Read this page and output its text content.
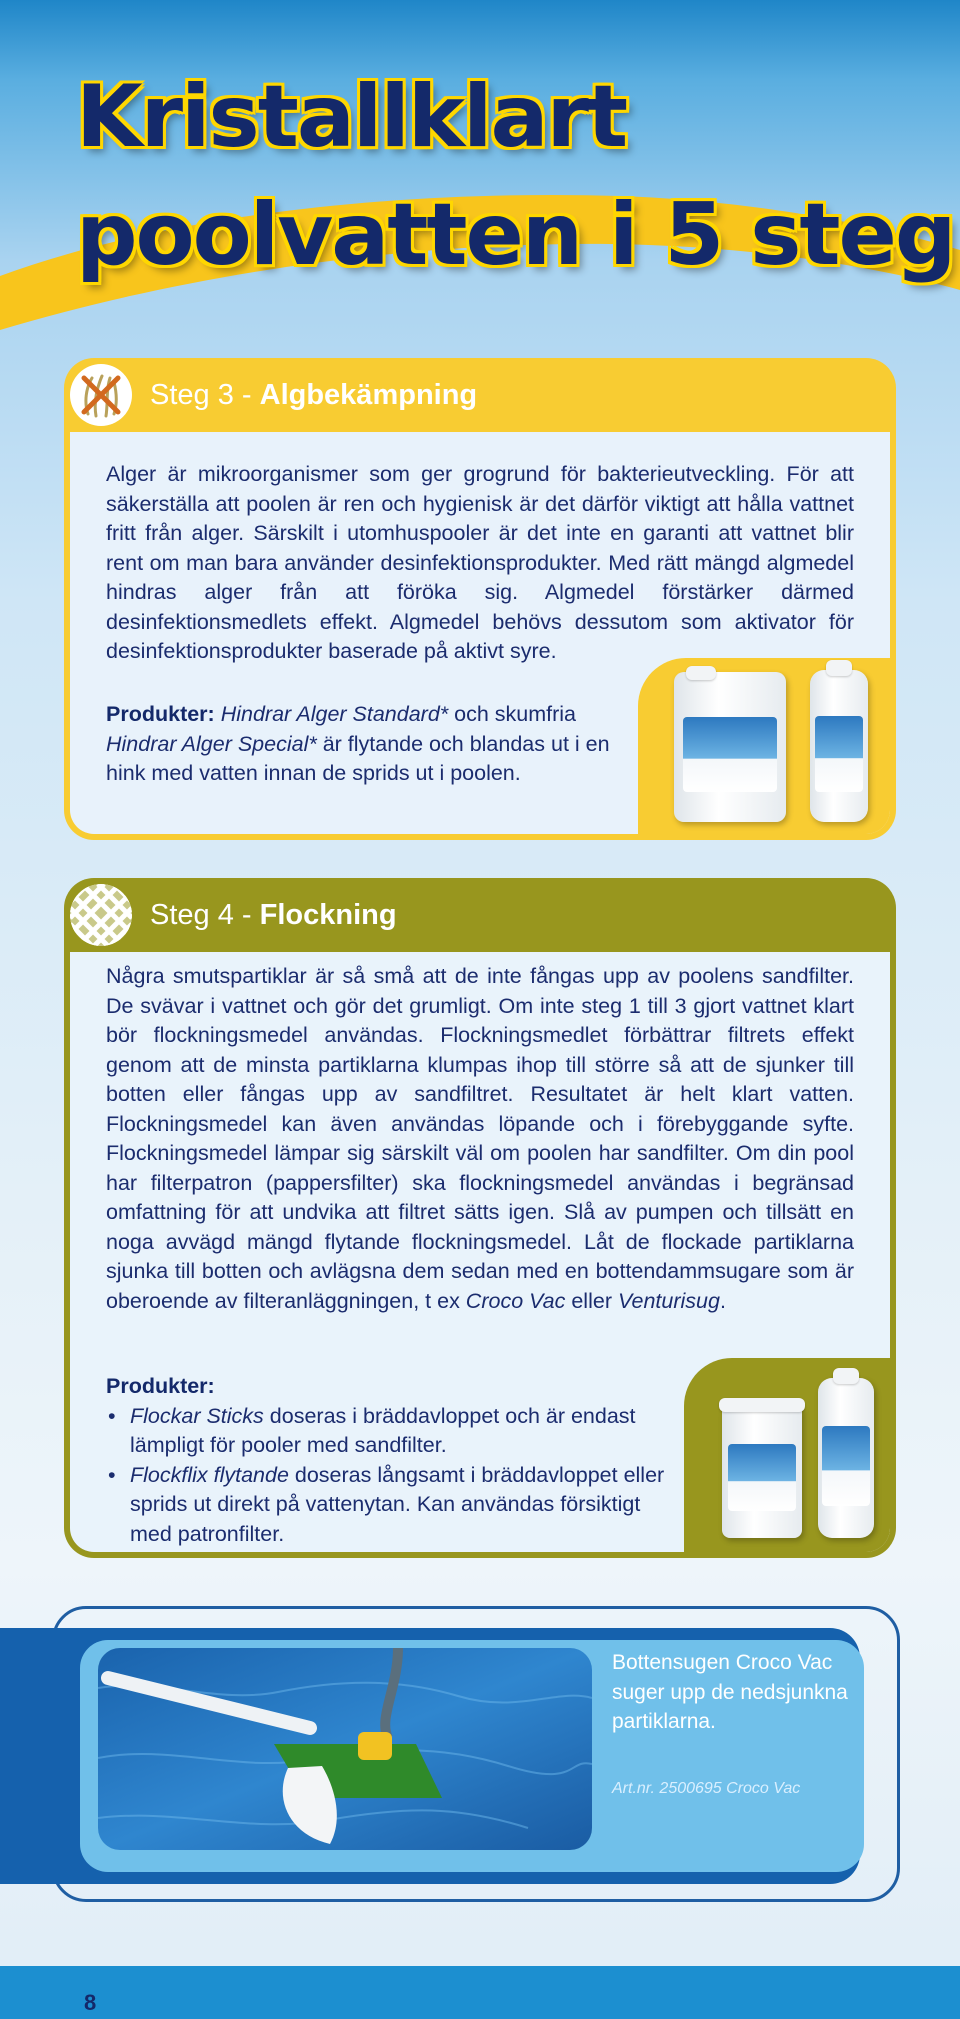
Kristallklart
poolvatten i 5 steg
Steg 3 - Algbekämpning

Alger är mikroorganismer som ger grogrund för bakterieutveckling. För att säkerställa att poolen är ren och hygienisk är det därför viktigt att hålla vattnet fritt från alger. Särskilt i utomhuspooler är det inte en garanti att vattnet blir rent om man bara använder desinfektionsprodukter. Med rätt mängd algmedel hindras alger från att föröka sig. Algmedel förstärker därmed desinfektionsmedlets effekt. Algmedel behövs dessutom som aktivator för desinfektionsprodukter baserade på aktivt syre.

Produkter: Hindrar Alger Standard* och skumfria Hindrar Alger Special* är flytande och blandas ut i en hink med vatten innan de sprids ut i poolen.

Steg 4 - Flockning

Några smutspartiklar är så små att de inte fångas upp av poolens sandfilter. De svävar i vattnet och gör det grumligt. Om inte steg 1 till 3 gjort vattnet klart bör flockningsmedel användas. Flockningsmedlet förbättrar filtrets effekt genom att de minsta partiklarna klumpas ihop till större så att de sjunker till botten eller fångas upp av sandfiltret. Resultatet är helt klart vatten. Flockningsmedel kan även användas löpande och i förebyggande syfte. Flockningsmedel lämpar sig särskilt väl om poolen har sandfilter. Om din pool har filterpatron (pappersfilter) ska flockningsmedel användas i begränsad omfattning för att undvika att filtret sätts igen. Slå av pumpen och tillsätt en noga avvägd mängd flytande flockningsmedel. Låt de flockade partiklarna sjunka till botten och avlägsna dem sedan med en bottendammsugare som är oberoende av filteranläggningen, t ex Croco Vac eller Venturisug.

Produkter:
• Flockar Sticks doseras i bräddavloppet och är endast lämpligt för pooler med sandfilter.
• Flockflix flytande doseras långsamt i bräddavloppet eller sprids ut direkt på vattenytan. Kan användas försiktigt med patronfilter.

Bottensugen Croco Vac suger upp de nedsjunkna partiklarna.

Art.nr. 2500695 Croco Vac

8
